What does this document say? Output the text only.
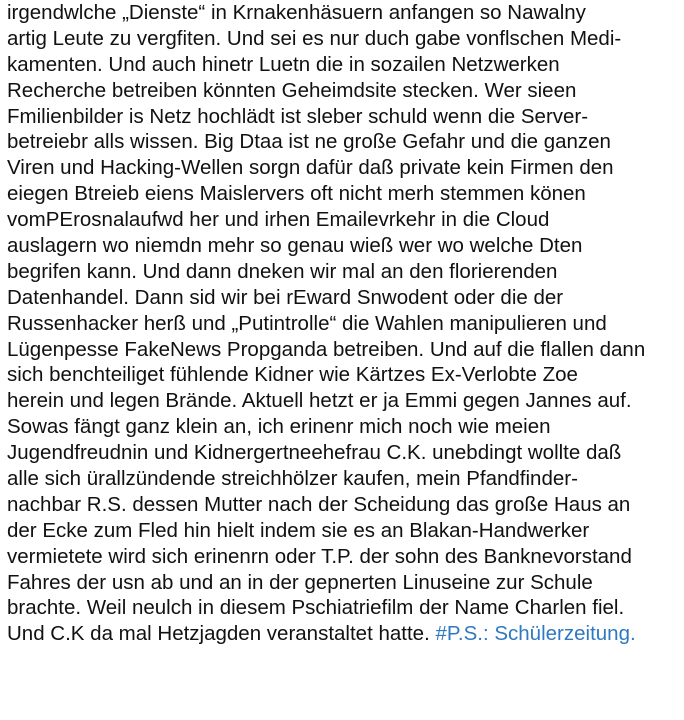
irgendwlche „Dienste“ in Krnakenhäsuern anfangen so Nawalny
artig Leute zu vergfiten. Und sei es nur duch gabe vonflschen Medi-
kamenten. Und auch hinetr Luetn die in sozailen Netzwerken
Recherche betreiben könnten Geheimdsite stecken. Wer sieen
Fmilienbilder is Netz hochlädt ist sleber schuld wenn die Server-
betreiebr alls wissen. Big Dtaa ist ne große Gefahr und die ganzen
Viren und Hacking-Wellen sorgn dafür daß private kein Firmen den
eiegen Btreieb eiens Maislervers oft nicht merh stemmen könen
vomPErosnalaufwd her und irhen Emailevrkehr in die Cloud
auslagern wo niemdn mehr so genau wieß wer wo welche Dten
begrifen kann. Und dann dneken wir mal an den florierenden
Datenhandel. Dann sid wir bei rEward Snwodent oder die der
Russenhacker herß und „Putintrolle“ die Wahlen manipulieren und
Lügenpesse FakeNews Propganda betreiben. Und auf die flallen dann
sich benchteiliget fühlende Kidner wie Kärtzes Ex-Verlobte Zoe
herein und legen Brände. Aktuell hetzt er ja Emmi gegen Jannes auf.
Sowas fängt ganz klein an, ich erinenr mich noch wie meien
Jugendfreudnin und Kidnergertneehefrau C.K. unebdingt wollte daß
alle sich ürallzündende streichhölzer kaufen, mein Pfandfinder-
nachbar R.S. dessen Mutter nach der Scheidung das große Haus an
der Ecke zum Fled hin hielt indem sie es an Blakan-Handwerker
vermietete wird sich erinenrn oder T.P. der sohn des Banknevorstand
Fahres der usn ab und an in der gepnerten Linuseine zur Schule
brachte. Weil neulch in diesem Pschiatriefilm der Name Charlen fiel.
Und C.K da mal Hetzjagden veranstaltet hatte. #P.S.: Schülerzeitung.
